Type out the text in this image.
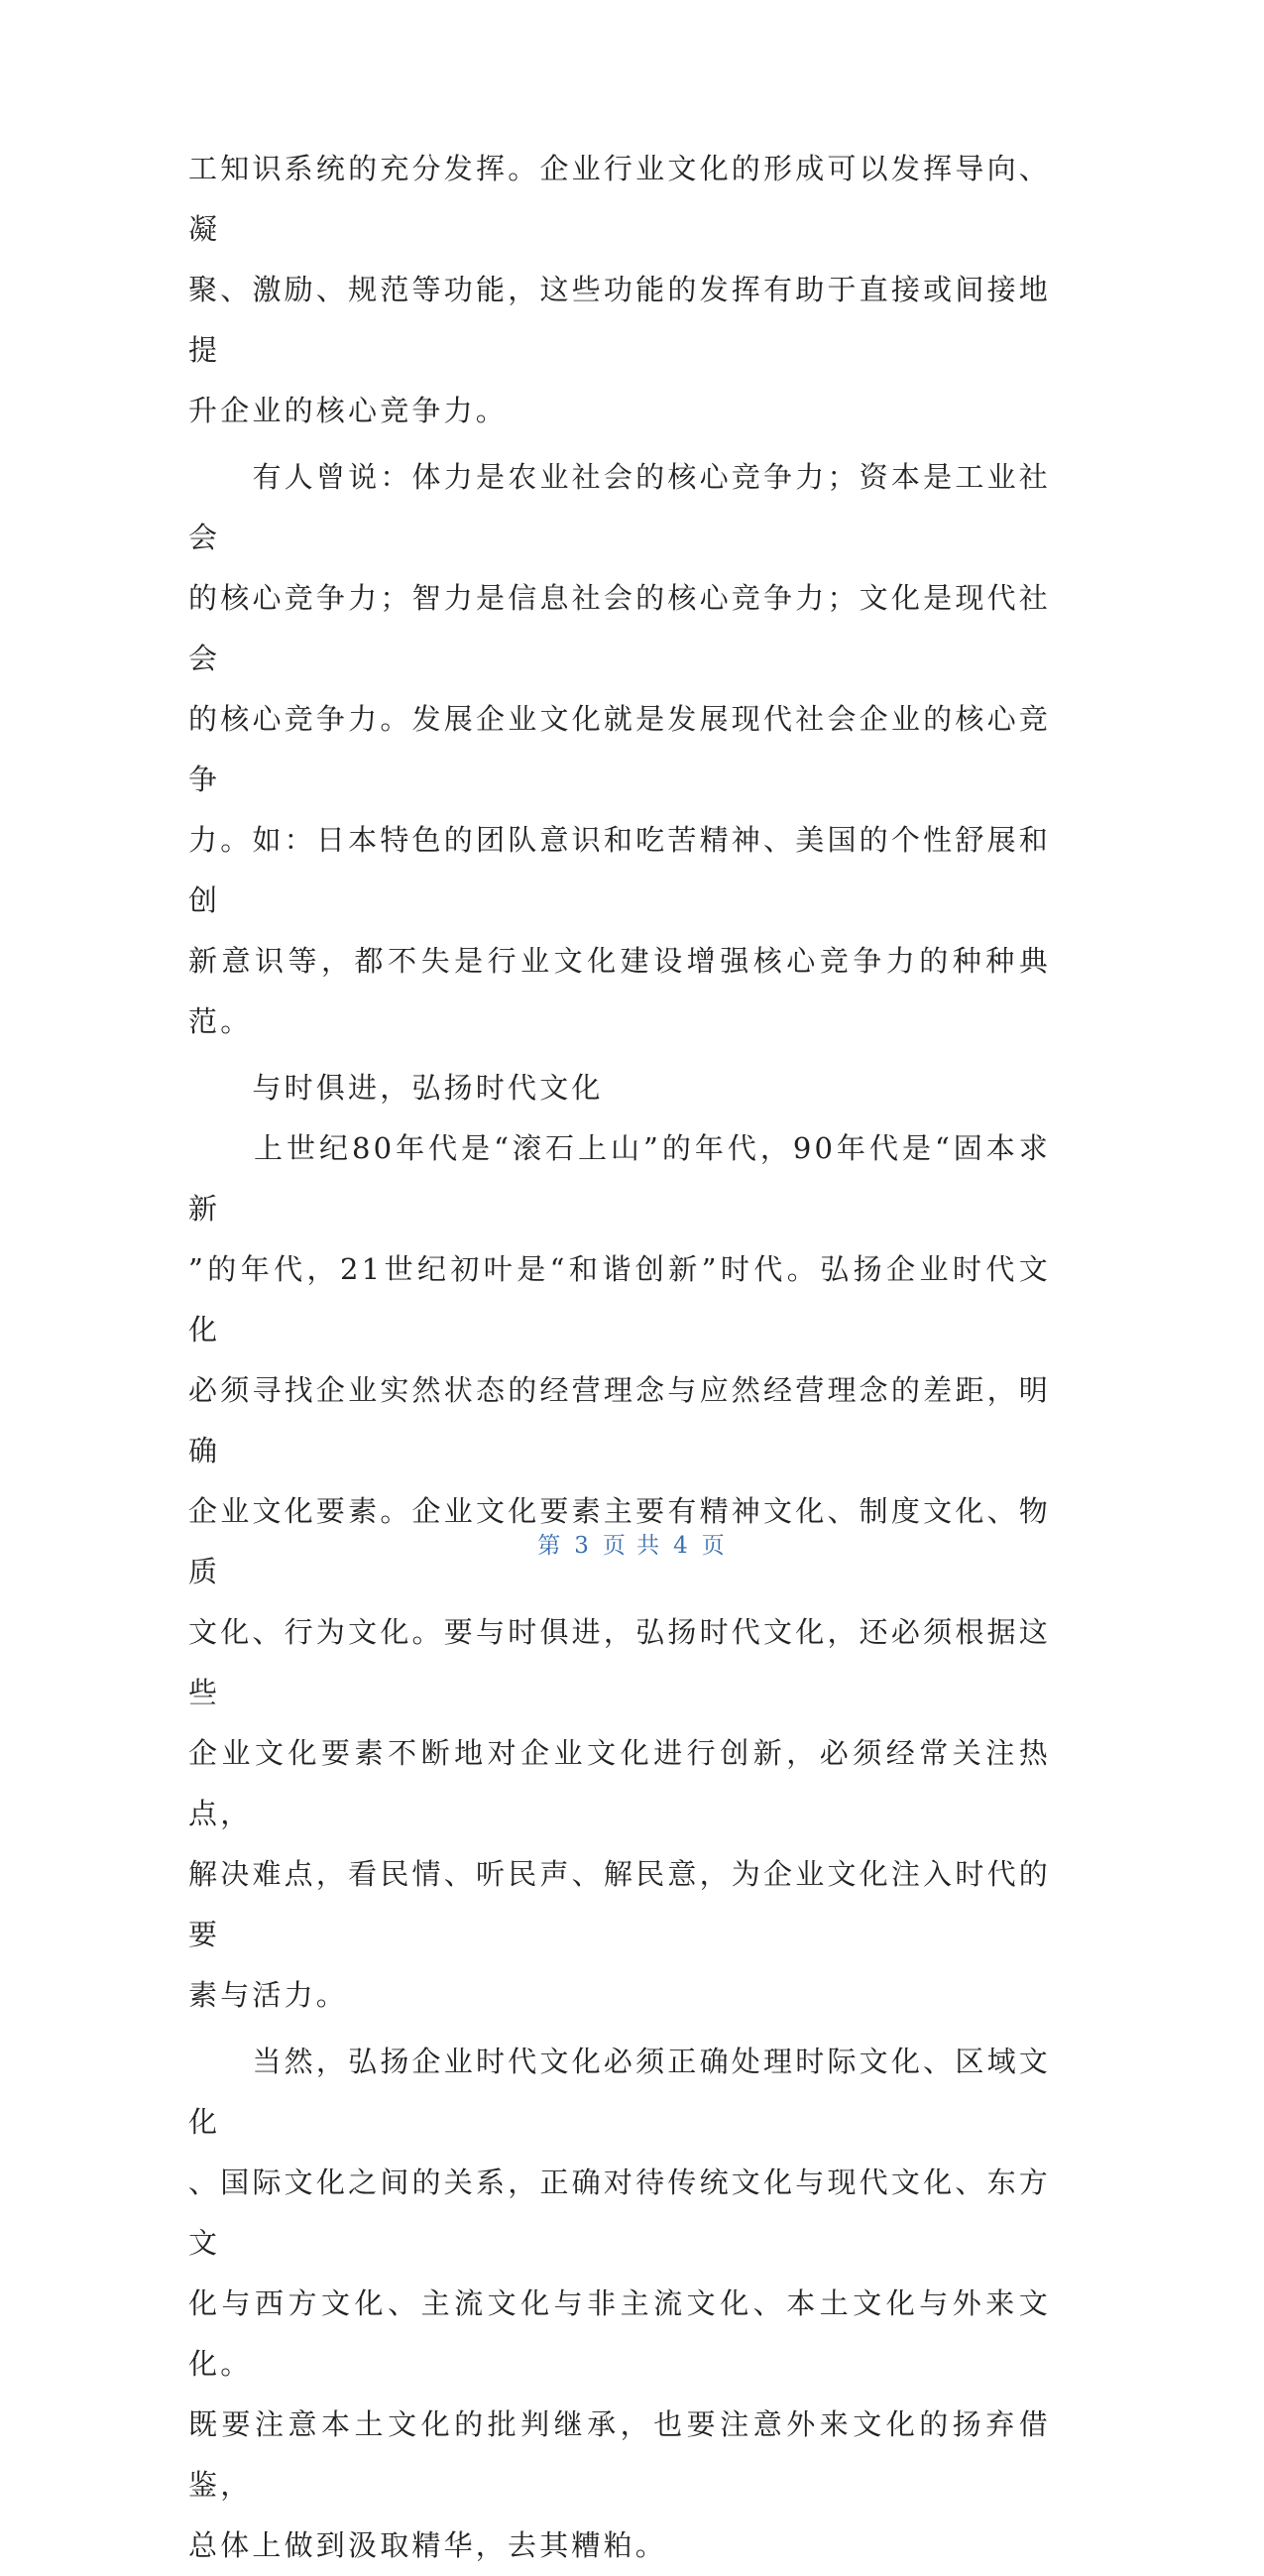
工知识系统的充分发挥。企业行业文化的形成可以发挥导向、凝
聚、激励、规范等功能，这些功能的发挥有助于直接或间接地提
升企业的核心竞争力。

　　有人曾说：体力是农业社会的核心竞争力；资本是工业社会
的核心竞争力；智力是信息社会的核心竞争力；文化是现代社会
的核心竞争力。发展企业文化就是发展现代社会企业的核心竞争
力。如：日本特色的团队意识和吃苦精神、美国的个性舒展和创
新意识等，都不失是行业文化建设增强核心竞争力的种种典范。

　　与时俱进，弘扬时代文化

　　上世纪80年代是“滚石上山”的年代，90年代是“固本求新
”的年代，21世纪初叶是“和谐创新”时代。弘扬企业时代文化
必须寻找企业实然状态的经营理念与应然经营理念的差距，明确
企业文化要素。企业文化要素主要有精神文化、制度文化、物质
文化、行为文化。要与时俱进，弘扬时代文化，还必须根据这些
企业文化要素不断地对企业文化进行创新，必须经常关注热点，
解决难点，看民情、听民声、解民意，为企业文化注入时代的要
素与活力。

　　当然，弘扬企业时代文化必须正确处理时际文化、区域文化
、国际文化之间的关系，正确对待传统文化与现代文化、东方文
化与西方文化、主流文化与非主流文化、本土文化与外来文化。
既要注意本土文化的批判继承，也要注意外来文化的扬弃借鉴，
总体上做到汲取精华，去其糟粕。

第 3 页 共 4 页
